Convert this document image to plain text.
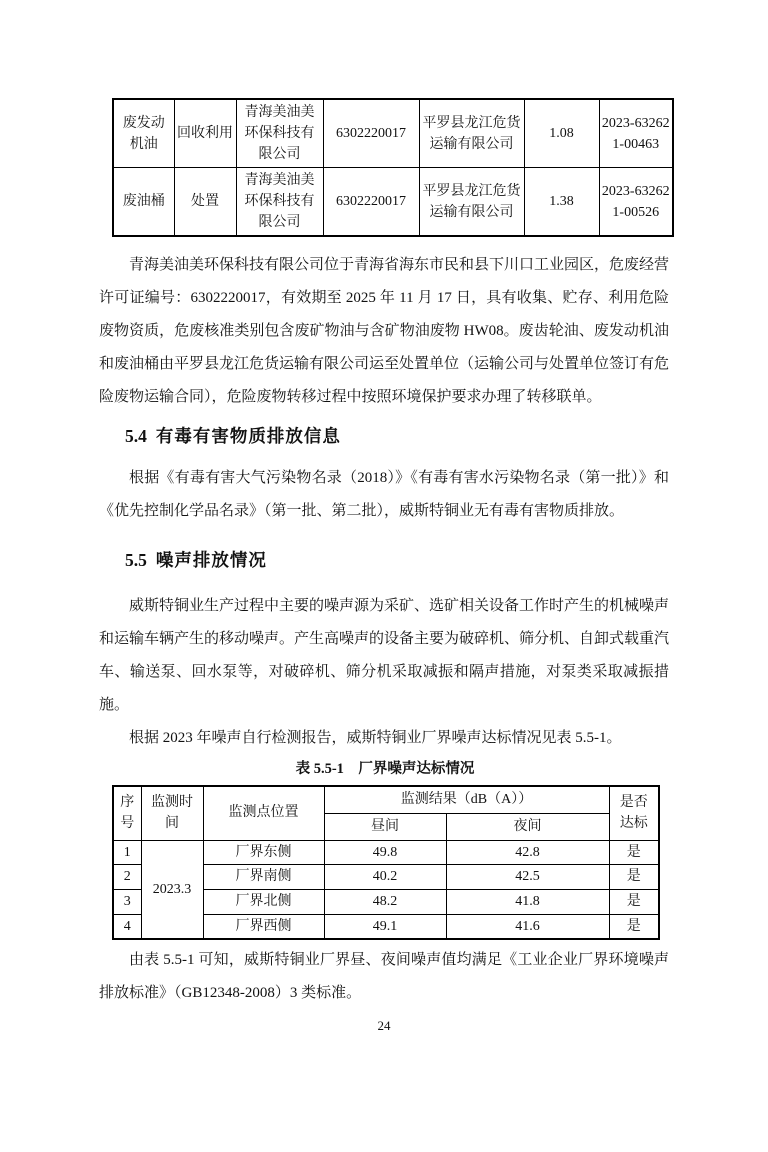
废发动机油	回收利用	青海美油美环保科技有限公司	6302220017	平罗县龙江危货运输有限公司	1.08	2023-632621-00463
废油桶	处置	青海美油美环保科技有限公司	6302220017	平罗县龙江危货运输有限公司	1.38	2023-632621-00526

青海美油美环保科技有限公司位于青海省海东市民和县下川口工业园区，危废经营许可证编号：6302220017，有效期至 2025 年 11 月 17 日，具有收集、贮存、利用危险废物资质，危废核准类别包含废矿物油与含矿物油废物 HW08。废齿轮油、废发动机油和废油桶由平罗县龙江危货运输有限公司运至处置单位（运输公司与处置单位签订有危险废物运输合同），危险废物转移过程中按照环境保护要求办理了转移联单。

5.4 有毒有害物质排放信息

根据《有毒有害大气污染物名录（2018）》《有毒有害水污染物名录（第一批）》和《优先控制化学品名录》（第一批、第二批），威斯特铜业无有毒有害物质排放。

5.5 噪声排放情况

威斯特铜业生产过程中主要的噪声源为采矿、选矿相关设备工作时产生的机械噪声和运输车辆产生的移动噪声。产生高噪声的设备主要为破碎机、筛分机、自卸式载重汽车、输送泵、回水泵等，对破碎机、筛分机采取减振和隔声措施，对泵类采取减振措施。

根据 2023 年噪声自行检测报告，威斯特铜业厂界噪声达标情况见表 5.5-1。

表 5.5-1　厂界噪声达标情况
序号	监测时间	监测点位置	监测结果（dB（A））		是否达标
			昼间	夜间	
1	2023.3	厂界东侧	49.8	42.8	是
2		厂界南侧	40.2	42.5	是
3		厂界北侧	48.2	41.8	是
4		厂界西侧	49.1	41.6	是

由表 5.5-1 可知，威斯特铜业厂界昼、夜间噪声值均满足《工业企业厂界环境噪声排放标准》（GB12348-2008）3 类标准。

24
